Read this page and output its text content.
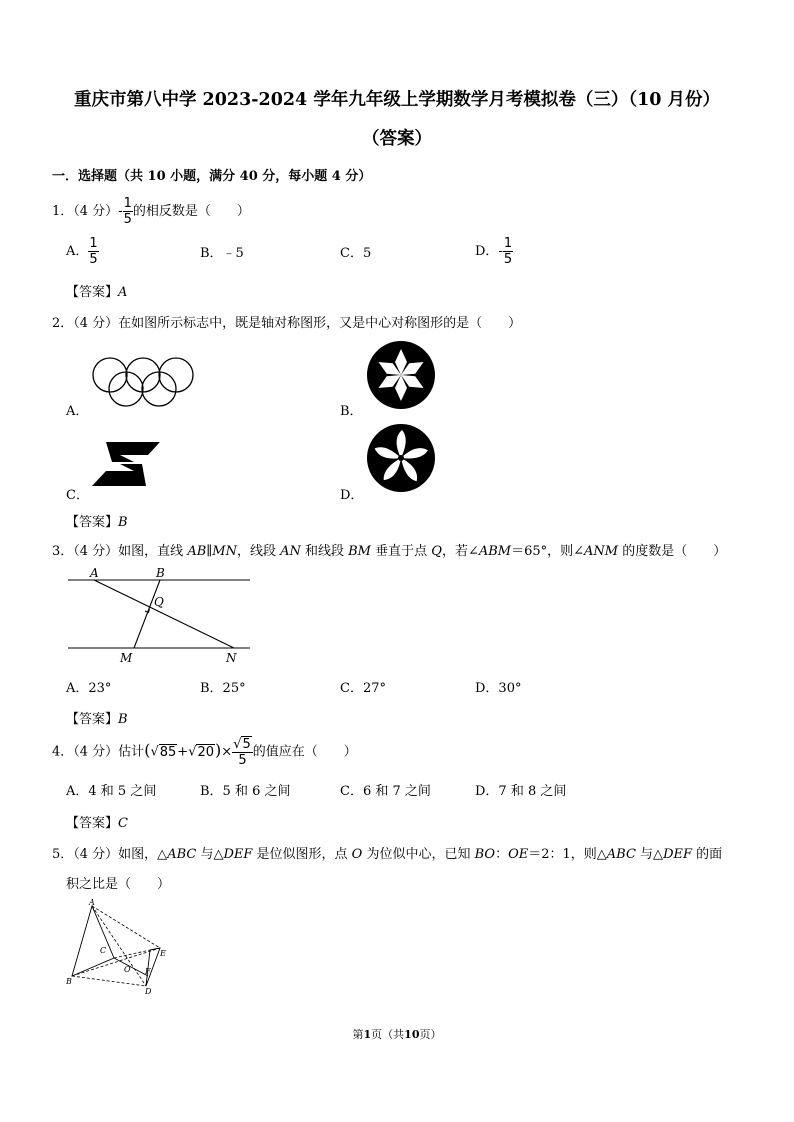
重庆市第八中学 2023-2024 学年九年级上学期数学月考模拟卷（三）（10 月份）
（答案）
一．选择题（共 10 小题，满分 40 分，每小题 4 分）
1．（4 分）- $\frac{1}{5}$ 的相反数是（　　）
A． $\frac{1}{5}$	B．﹣5	C．5	D．- $\frac{1}{5}$
【答案】A
2．（4 分）在如图所示标志中，既是轴对称图形，又是中心对称图形的是（　　）
A．	B．
C．	D．
【答案】B
3．（4 分）如图，直线 AB∥MN，线段 AN 和线段 BM 垂直于点 Q，若∠ABM＝65°，则∠ANM 的度数是（　　）
A	B
Q
M	N
A．23°	B．25°	C．27°	D．30°
【答案】B
4．（4 分）估计$(√85+√20)\times \frac{√5}{5}$ 的值应在（　　）
A．4 和 5 之间	B．5 和 6 之间	C．6 和 7 之间	D．7 和 8 之间
【答案】C
5．（4 分）如图，△ABC 与△DEF 是位似图形，点 O 为位似中心，已知 BO：OE＝2：1，则△ABC 与△DEF 的面
积之比是（　　）
A
B
C
O
D
E
F
第1页（共10页）
